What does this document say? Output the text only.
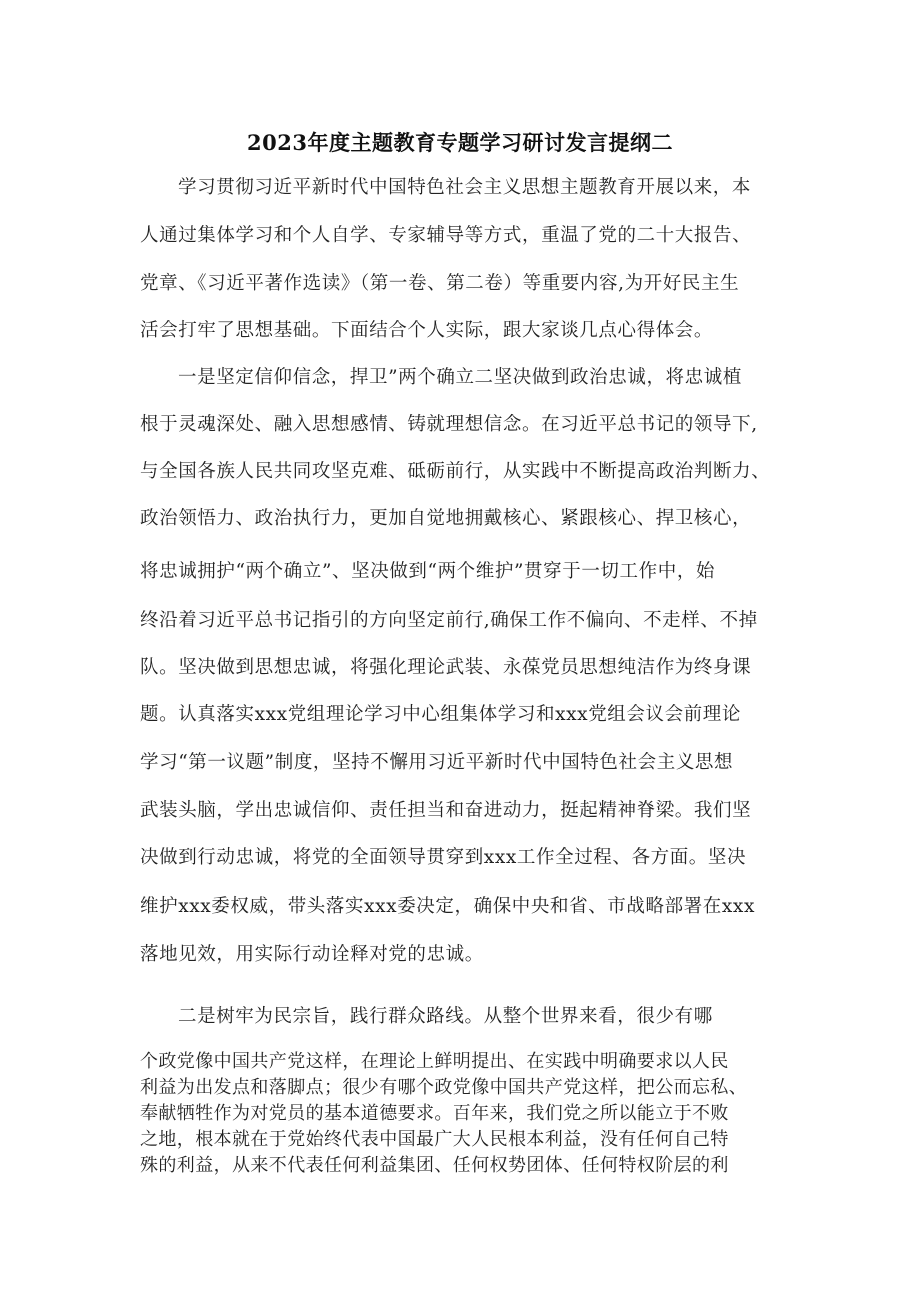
2023年度主题教育专题学习研讨发言提纲二
学习贯彻习近平新时代中国特色社会主义思想主题教育开展以来，本
人通过集体学习和个人自学、专家辅导等方式，重温了党的二十大报告、
党章、《习近平著作选读》（第一卷、第二卷）等重要内容,为开好民主生
活会打牢了思想基础。下面结合个人实际，跟大家谈几点心得体会。
一是坚定信仰信念，捍卫”两个确立二坚决做到政治忠诚，将忠诚植
根于灵魂深处、融入思想感情、铸就理想信念。在习近平总书记的领导下,
与全国各族人民共同攻坚克难、砥砺前行，从实践中不断提高政治判断力、
政治领悟力、政治执行力，更加自觉地拥戴核心、紧跟核心、捍卫核心，
将忠诚拥护“两个确立”、坚决做到“两个维护”贯穿于一切工作中，始
终沿着习近平总书记指引的方向坚定前行,确保工作不偏向、不走样、不掉
队。坚决做到思想忠诚，将强化理论武装、永葆党员思想纯洁作为终身课
题。认真落实xxx党组理论学习中心组集体学习和xxx党组会议会前理论
学习“第一议题”制度，坚持不懈用习近平新时代中国特色社会主义思想
武装头脑，学出忠诚信仰、责任担当和奋进动力，挺起精神脊梁。我们坚
决做到行动忠诚，将党的全面领导贯穿到xxx工作全过程、各方面。坚决
维护xxx委权威，带头落实xxx委决定，确保中央和省、市战略部署在xxx
落地见效，用实际行动诠释对党的忠诚。
二是树牢为民宗旨，践行群众路线。从整个世界来看，很少有哪
个政党像中国共产党这样，在理论上鲜明提出、在实践中明确要求以人民
利益为出发点和落脚点；很少有哪个政党像中国共产党这样，把公而忘私、
奉献牺牲作为对党员的基本道德要求。百年来，我们党之所以能立于不败
之地，根本就在于党始终代表中国最广大人民根本利益，没有任何自己特
殊的利益，从来不代表任何利益集团、任何权势团体、任何特权阶层的利
